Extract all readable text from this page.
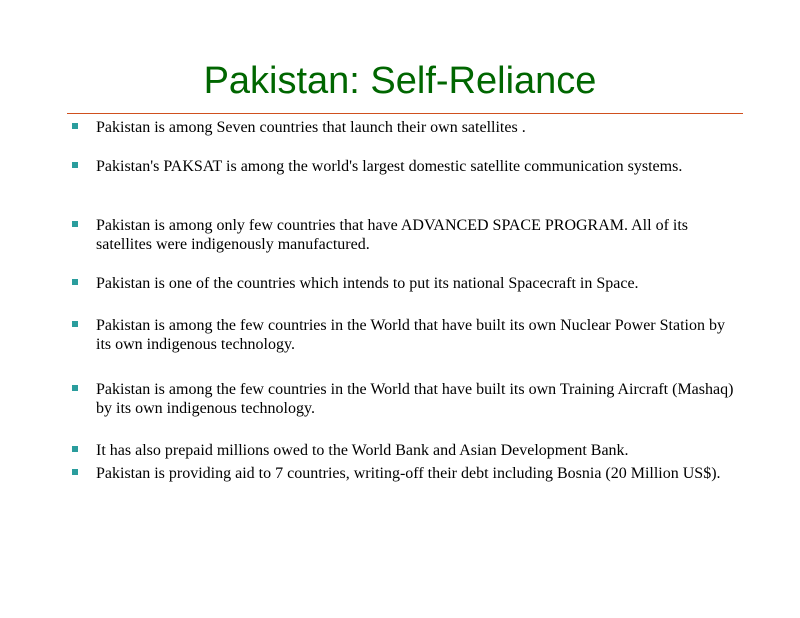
Pakistan: Self-Reliance
Pakistan is among Seven countries that launch their own satellites .
Pakistan's PAKSAT is among the world's largest domestic satellite communication systems.
Pakistan is among only few countries that have ADVANCED SPACE PROGRAM. All of its satellites were indigenously manufactured.
Pakistan is one of the countries which intends to put its national Spacecraft in Space.
Pakistan is among the few countries in the World that have built its own Nuclear Power Station by its own indigenous technology.
Pakistan is among the few countries in the World that have built its own Training Aircraft (Mashaq) by its own indigenous technology.
It has also prepaid millions owed to the World Bank and Asian Development Bank.
Pakistan is providing aid to 7 countries, writing-off their debt including Bosnia (20 Million US$).
